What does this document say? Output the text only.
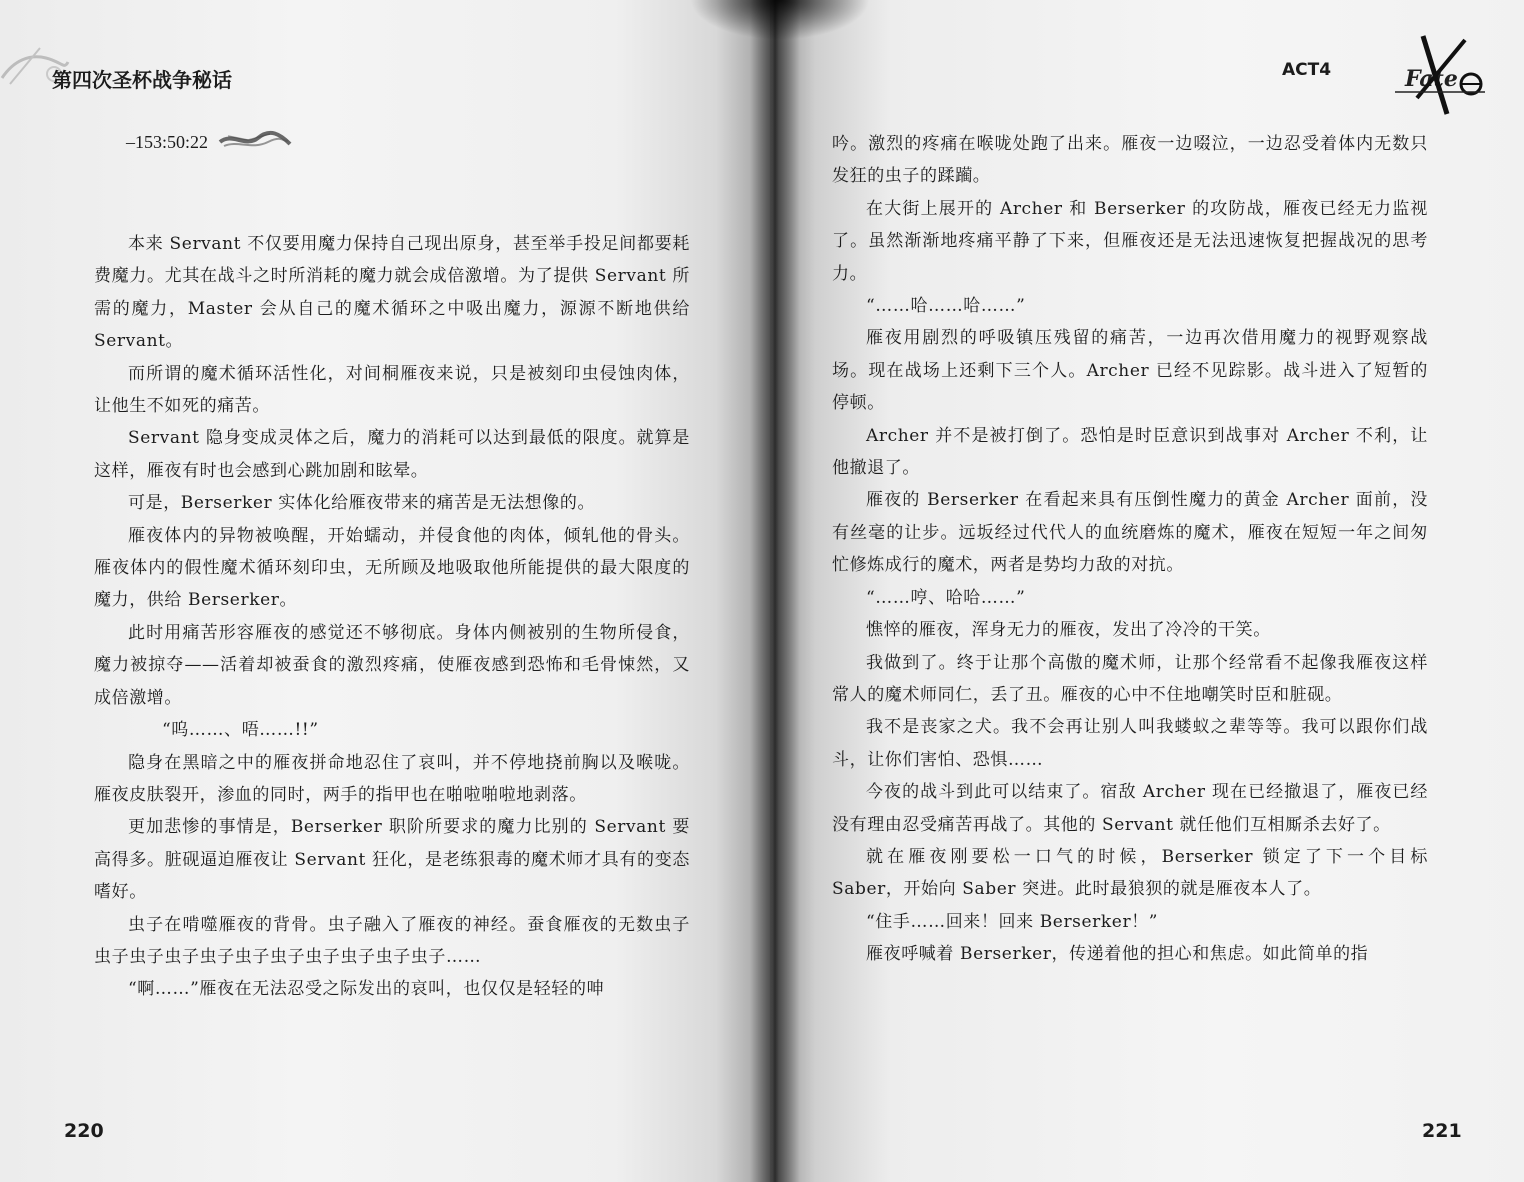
第四次圣杯战争秘话
–153:50:22

本来 Servant 不仅要用魔力保持自己现出原身，甚至举手投足间都要耗费魔力。尤其在战斗之时所消耗的魔力就会成倍激增。为了提供 Servant 所需的魔力，Master 会从自己的魔术循环之中吸出魔力，源源不断地供给 Servant。

而所谓的魔术循环活性化，对间桐雁夜来说，只是被刻印虫侵蚀肉体，让他生不如死的痛苦。

Servant 隐身变成灵体之后，魔力的消耗可以达到最低的限度。就算是这样，雁夜有时也会感到心跳加剧和眩晕。

可是，Berserker 实体化给雁夜带来的痛苦是无法想像的。

雁夜体内的异物被唤醒，开始蠕动，并侵食他的肉体，倾轧他的骨头。雁夜体内的假性魔术循环刻印虫，无所顾及地吸取他所能提供的最大限度的魔力，供给 Berserker。

此时用痛苦形容雁夜的感觉还不够彻底。身体内侧被别的生物所侵食，魔力被掠夺——活着却被蚕食的激烈疼痛，使雁夜感到恐怖和毛骨悚然，又成倍激增。

“呜……、唔……!!”

隐身在黑暗之中的雁夜拼命地忍住了哀叫，并不停地挠前胸以及喉咙。雁夜皮肤裂开，渗血的同时，两手的指甲也在啪啦啪啦地剥落。

更加悲惨的事情是，Berserker 职阶所要求的魔力比别的 Servant 要高得多。脏砚逼迫雁夜让 Servant 狂化，是老练狠毒的魔术师才具有的变态嗜好。

虫子在啃噬雁夜的背骨。虫子融入了雁夜的神经。蚕食雁夜的无数虫子虫子虫子虫子虫子虫子虫子虫子虫子虫子虫子……

“啊……”雁夜在无法忍受之际发出的哀叫，也仅仅是轻轻的呻

220
ACT4	Fate

吟。激烈的疼痛在喉咙处跑了出来。雁夜一边啜泣，一边忍受着体内无数只发狂的虫子的蹂躏。

在大街上展开的 Archer 和 Berserker 的攻防战，雁夜已经无力监视了。虽然渐渐地疼痛平静了下来，但雁夜还是无法迅速恢复把握战况的思考力。

“……哈……哈……”

雁夜用剧烈的呼吸镇压残留的痛苦，一边再次借用魔力的视野观察战场。现在战场上还剩下三个人。Archer 已经不见踪影。战斗进入了短暂的停顿。

Archer 并不是被打倒了。恐怕是时臣意识到战事对 Archer 不利，让他撤退了。

雁夜的 Berserker 在看起来具有压倒性魔力的黄金 Archer 面前，没有丝毫的让步。远坂经过代代人的血统磨炼的魔术，雁夜在短短一年之间匆忙修炼成行的魔术，两者是势均力敌的对抗。

“……哼、哈哈……”

憔悴的雁夜，浑身无力的雁夜，发出了冷冷的干笑。

我做到了。终于让那个高傲的魔术师，让那个经常看不起像我雁夜这样常人的魔术师同仁，丢了丑。雁夜的心中不住地嘲笑时臣和脏砚。

我不是丧家之犬。我不会再让别人叫我蝼蚁之辈等等。我可以跟你们战斗，让你们害怕、恐惧……

今夜的战斗到此可以结束了。宿敌 Archer 现在已经撤退了，雁夜已经没有理由忍受痛苦再战了。其他的 Servant 就任他们互相厮杀去好了。

就在雁夜刚要松一口气的时候，Berserker 锁定了下一个目标 Saber，开始向 Saber 突进。此时最狼狈的就是雁夜本人了。

“住手……回来！回来 Berserker！”

雁夜呼喊着 Berserker，传递着他的担心和焦虑。如此简单的指

221
